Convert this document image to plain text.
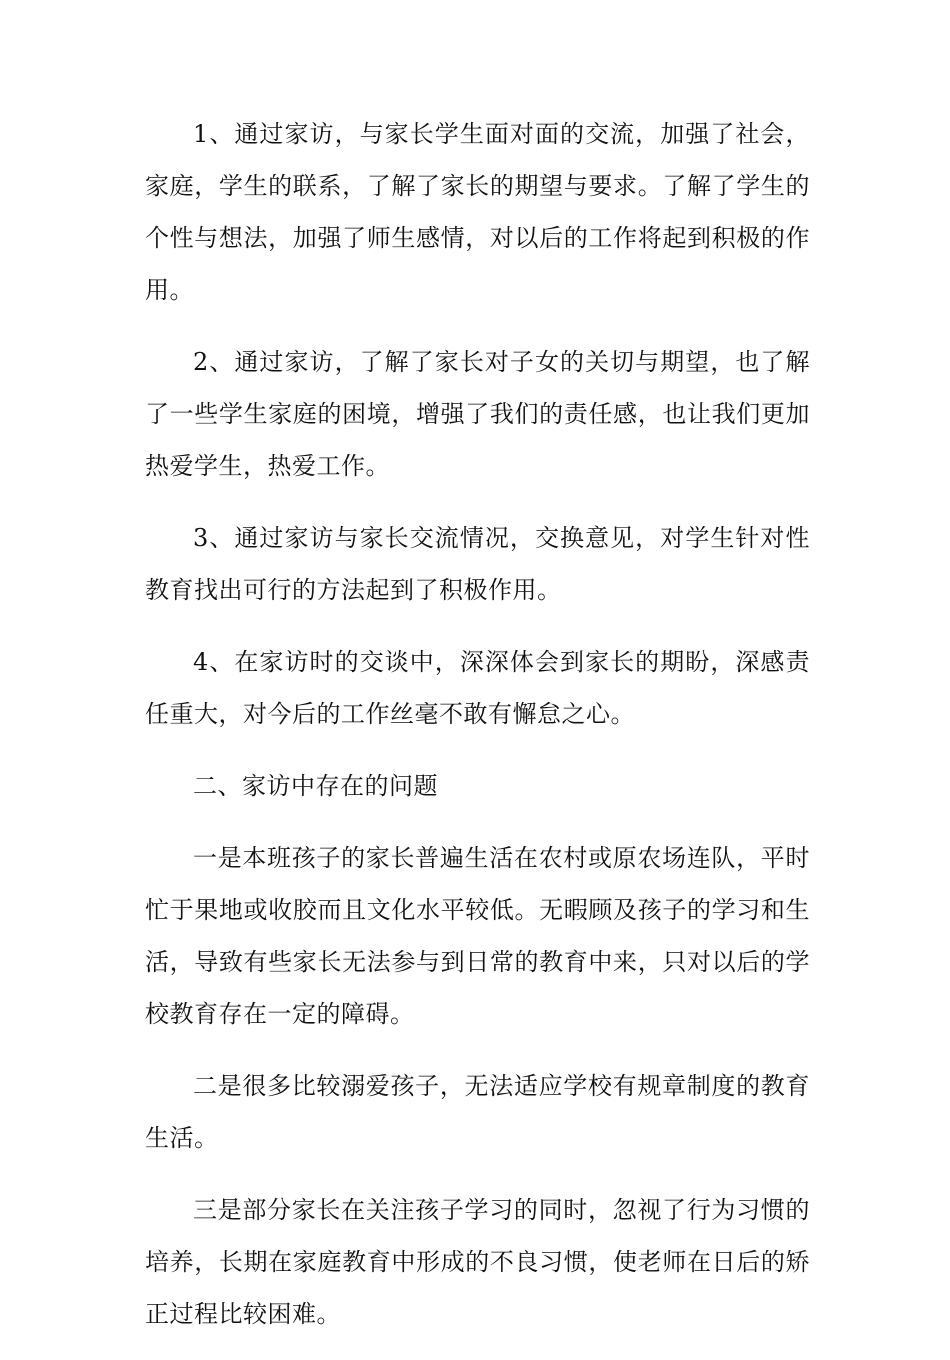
1、通过家访，与家长学生面对面的交流，加强了社会，家庭，学生的联系，了解了家长的期望与要求。了解了学生的个性与想法，加强了师生感情，对以后的工作将起到积极的作用。

2、通过家访，了解了家长对子女的关切与期望，也了解了一些学生家庭的困境，增强了我们的责任感，也让我们更加热爱学生，热爱工作。

3、通过家访与家长交流情况，交换意见，对学生针对性教育找出可行的方法起到了积极作用。

4、在家访时的交谈中，深深体会到家长的期盼，深感责任重大，对今后的工作丝毫不敢有懈怠之心。

二、家访中存在的问题

一是本班孩子的家长普遍生活在农村或原农场连队，平时忙于果地或收胶而且文化水平较低。无暇顾及孩子的学习和生活，导致有些家长无法参与到日常的教育中来，只对以后的学校教育存在一定的障碍。

二是很多比较溺爱孩子，无法适应学校有规章制度的教育生活。

三是部分家长在关注孩子学习的同时，忽视了行为习惯的培养，长期在家庭教育中形成的不良习惯，使老师在日后的矫正过程比较困难。
